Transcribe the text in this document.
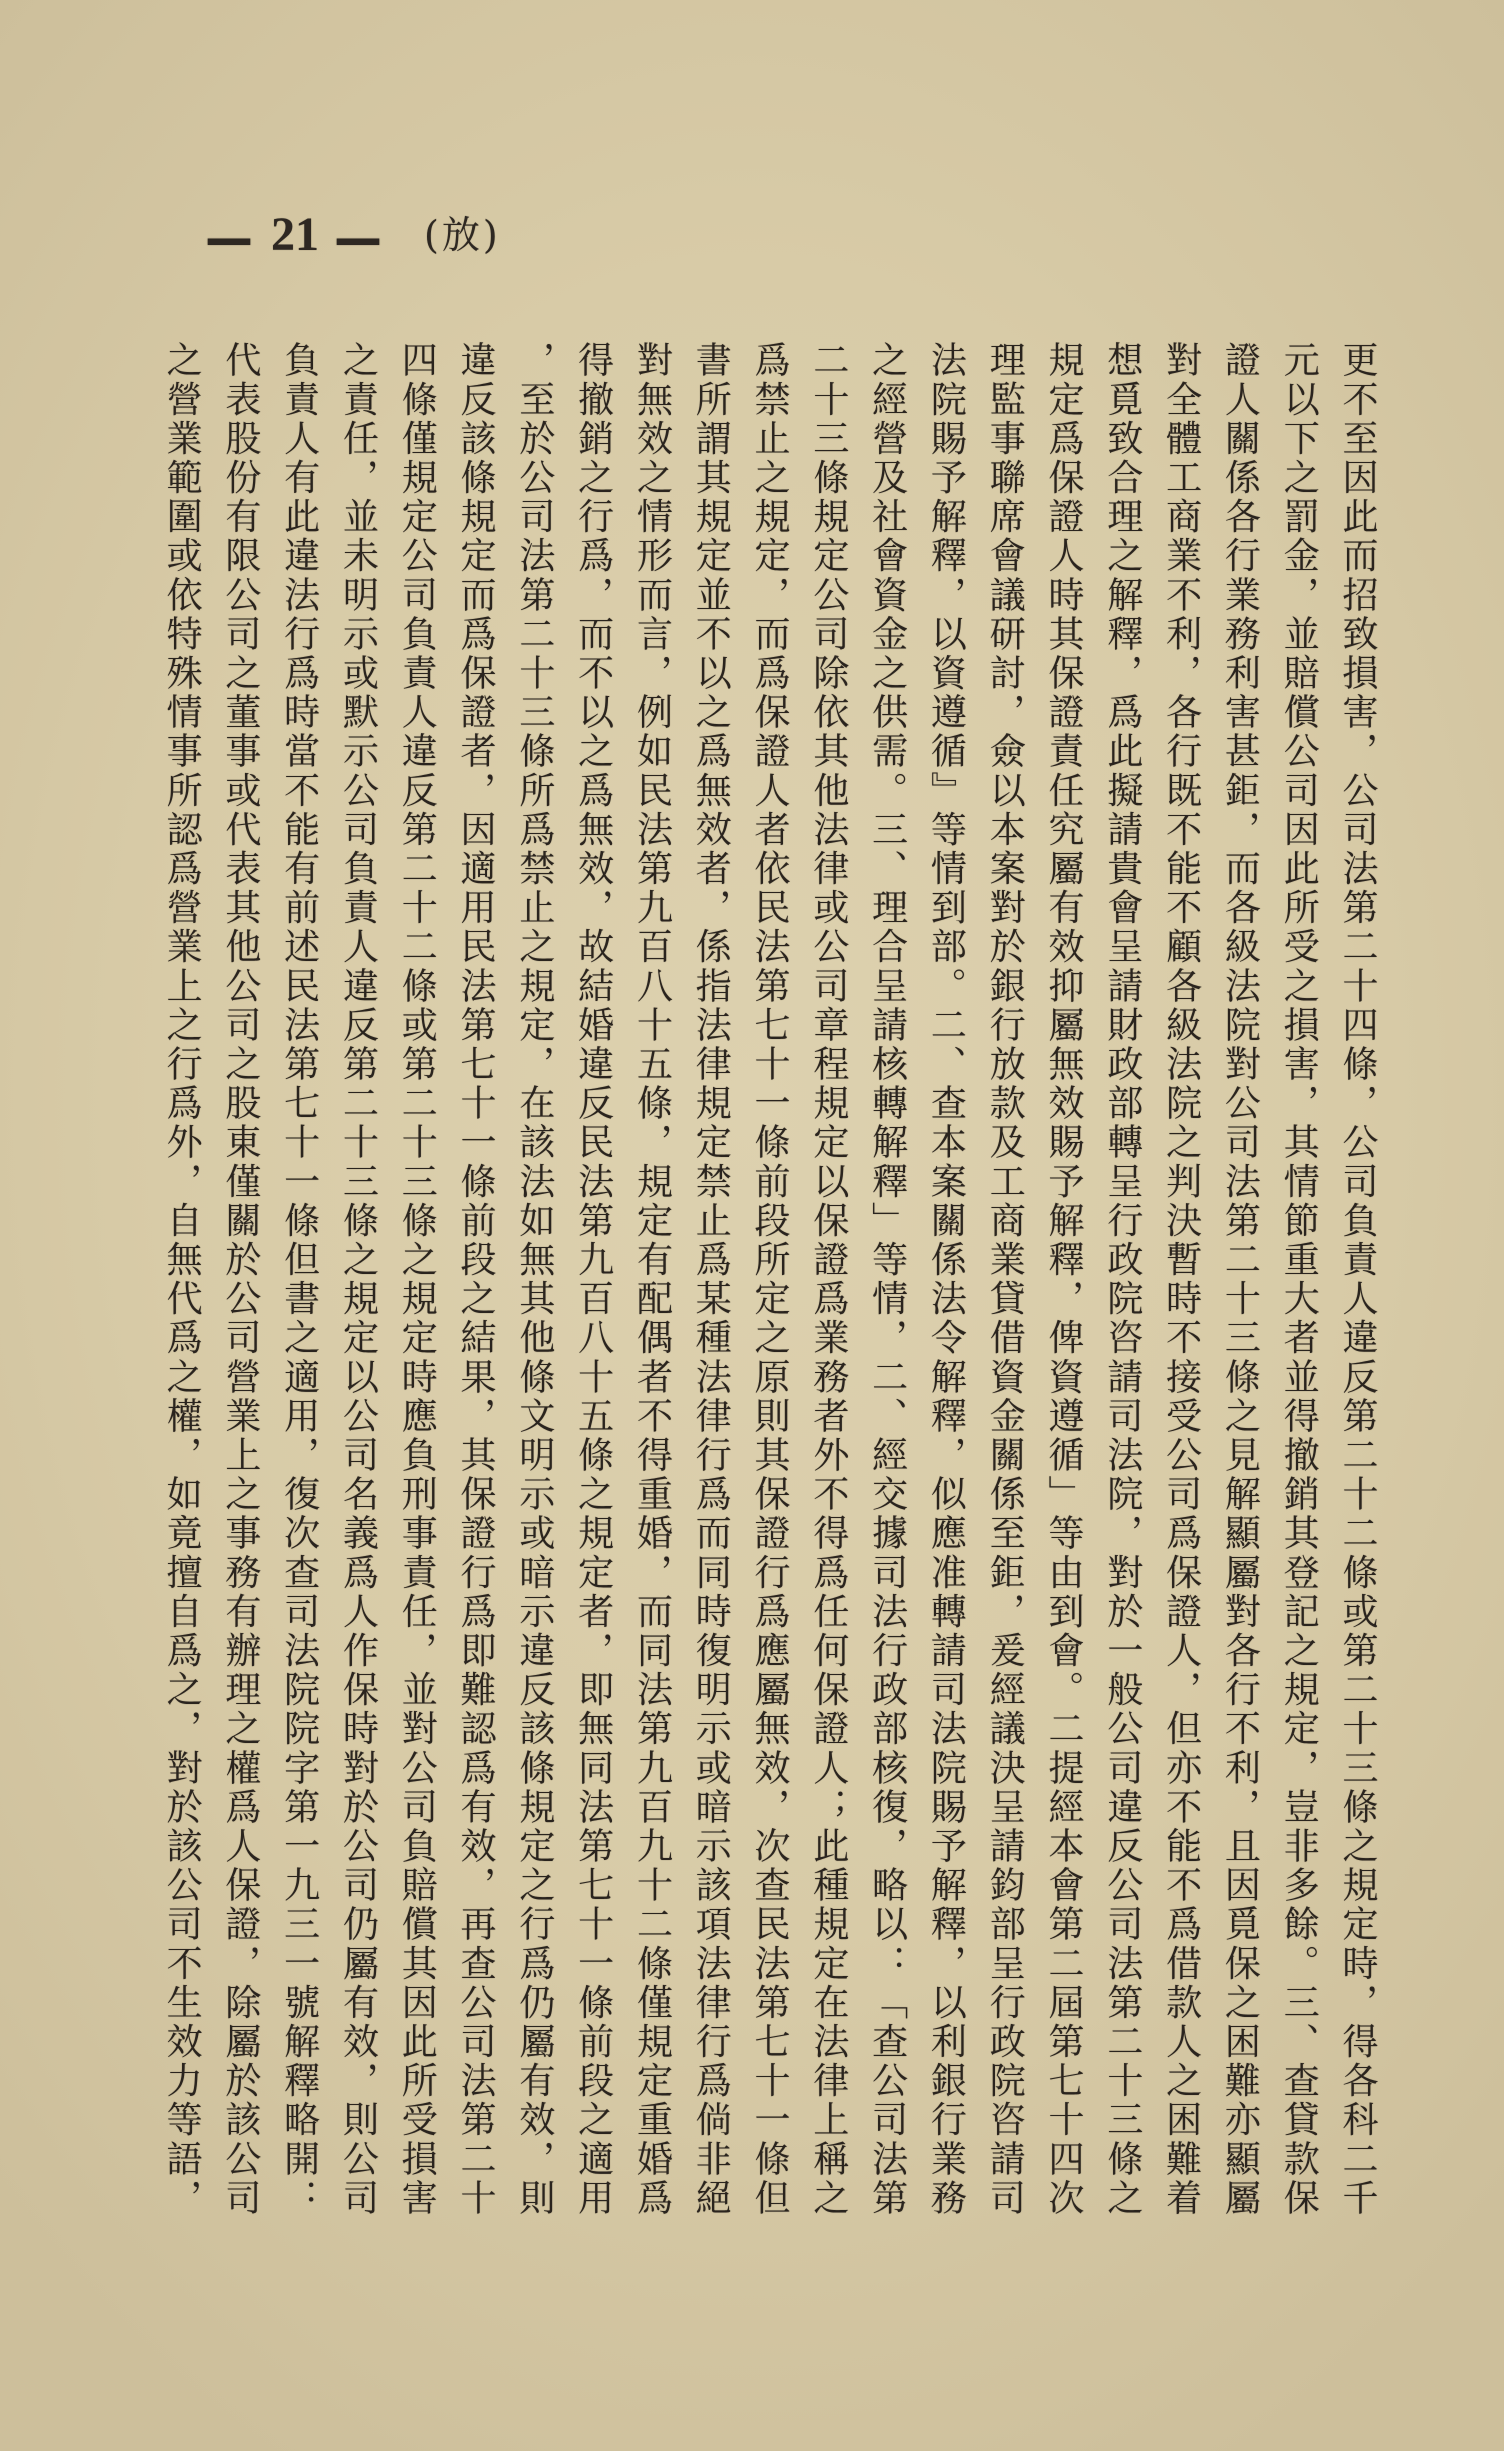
— 21 — (放)
更不至因此而招致損害，公司法第二十四條，公司負責人違反第二十二條或第二十三條之規定時，得各科二千
元以下之罰金，並賠償公司因此所受之損害，其情節重大者並得撤銷其登記之規定，豈非多餘。三、查貸款保
證人關係各行業務利害甚鉅，而各級法院對公司法第二十三條之見解顯屬對各行不利，且因覓保之困難亦顯屬
對全體工商業不利，各行既不能不顧各級法院之判決暫時不接受公司爲保證人，但亦不能不爲借款人之困難着
想覓致合理之解釋，爲此擬請貴會呈請財政部轉呈行政院咨請司法院，對於一般公司違反公司法第二十三條之
規定爲保證人時其保證責任究屬有效抑屬無效賜予解釋，俾資遵循」等由到會。二提經本會第二屆第七十四次
理監事聯席會議研討，僉以本案對於銀行放款及工商業貸借資金關係至鉅，爰經議決呈請鈞部呈行政院咨請司
法院賜予解釋，以資遵循』等情到部。二、查本案關係法令解釋，似應准轉請司法院賜予解釋，以利銀行業務
之經營及社會資金之供需。三、理合呈請核轉解釋」等情，二、經交據司法行政部核復，略以：「查公司法第
二十三條規定公司除依其他法律或公司章程規定以保證爲業務者外不得爲任何保證人；此種規定在法律上稱之
爲禁止之規定，而爲保證人者依民法第七十一條前段所定之原則其保證行爲應屬無效，次查民法第七十一條但
書所謂其規定並不以之爲無效者，係指法律規定禁止爲某種法律行爲而同時復明示或暗示該項法律行爲倘非絕
對無效之情形而言，例如民法第九百八十五條，規定有配偶者不得重婚，而同法第九百九十二條僅規定重婚爲
得撤銷之行爲，而不以之爲無效，故結婚違反民法第九百八十五條之規定者，即無同法第七十一條前段之適用
，至於公司法第二十三條所爲禁止之規定，在該法如無其他條文明示或暗示違反該條規定之行爲仍屬有效，則
違反該條規定而爲保證者，因適用民法第七十一條前段之結果，其保證行爲即難認爲有效，再查公司法第二十
四條僅規定公司負責人違反第二十二條或第二十三條之規定時應負刑事責任，並對公司負賠償其因此所受損害
之責任，並未明示或默示公司負責人違反第二十三條之規定以公司名義爲人作保時對於公司仍屬有效，則公司
負責人有此違法行爲時當不能有前述民法第七十一條但書之適用，復次查司法院院字第一九三一號解釋略開：
代表股份有限公司之董事或代表其他公司之股東僅關於公司營業上之事務有辦理之權爲人保證，除屬於該公司
之營業範圍或依特殊情事所認爲營業上之行爲外，自無代爲之權，如竟擅自爲之，對於該公司不生效力等語，
